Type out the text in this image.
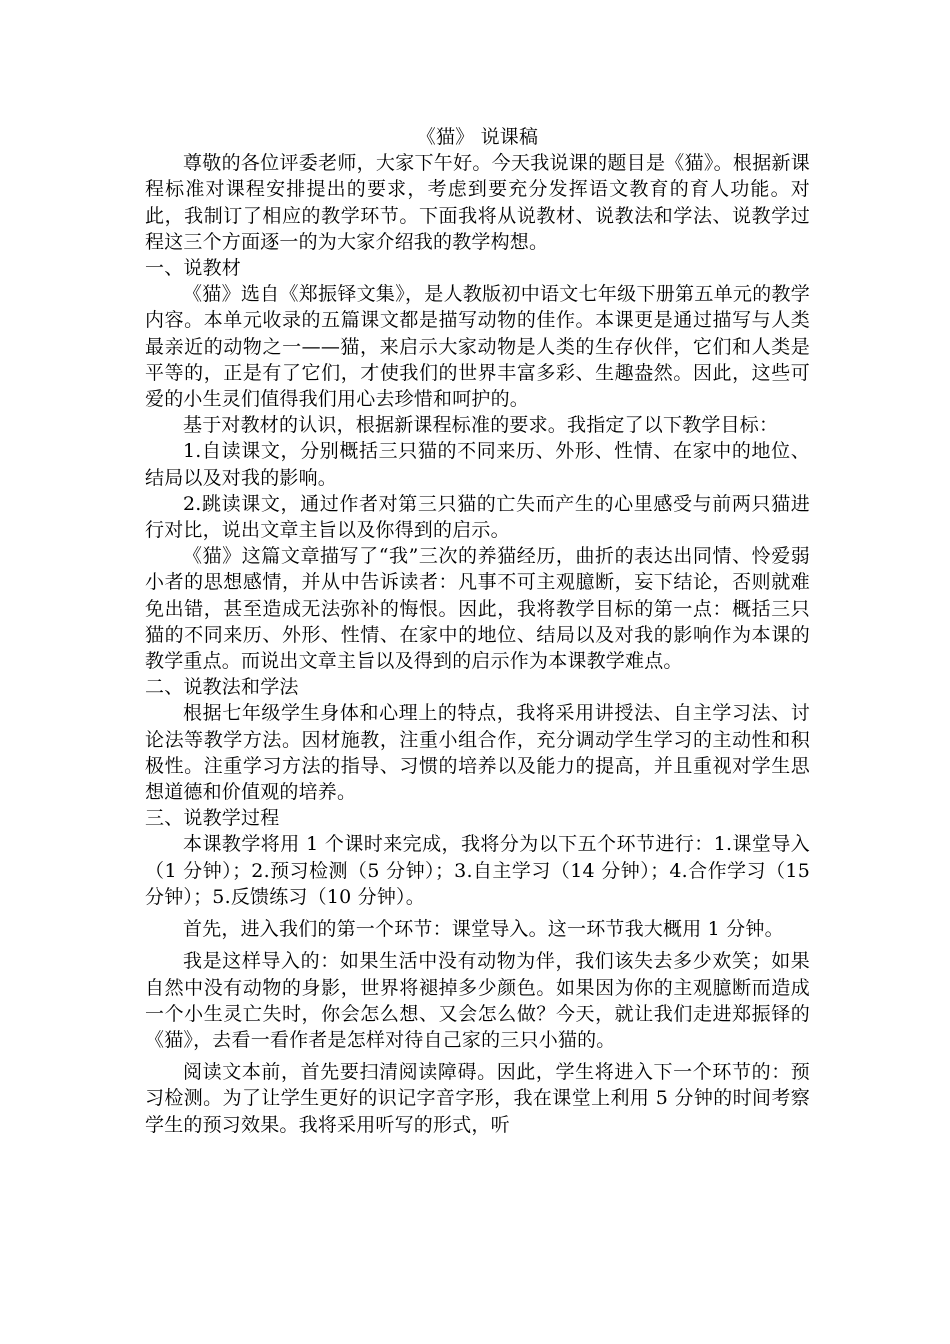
《猫》 说课稿

尊敬的各位评委老师，大家下午好。今天我说课的题目是《猫》。根据新课程标准对课程安排提出的要求，考虑到要充分发挥语文教育的育人功能。对此，我制订了相应的教学环节。下面我将从说教材、说教法和学法、说教学过程这三个方面逐一的为大家介绍我的教学构想。

一、说教材

《猫》选自《郑振铎文集》，是人教版初中语文七年级下册第五单元的教学内容。本单元收录的五篇课文都是描写动物的佳作。本课更是通过描写与人类最亲近的动物之一——猫，来启示大家动物是人类的生存伙伴，它们和人类是平等的，正是有了它们，才使我们的世界丰富多彩、生趣盎然。因此，这些可爱的小生灵们值得我们用心去珍惜和呵护的。

基于对教材的认识，根据新课程标准的要求。我指定了以下教学目标：

1.自读课文，分别概括三只猫的不同来历、外形、性情、在家中的地位、结局以及对我的影响。

2.跳读课文，通过作者对第三只猫的亡失而产生的心里感受与前两只猫进行对比，说出文章主旨以及你得到的启示。

《猫》这篇文章描写了“我”三次的养猫经历，曲折的表达出同情、怜爱弱小者的思想感情，并从中告诉读者：凡事不可主观臆断，妄下结论，否则就难免出错，甚至造成无法弥补的悔恨。因此，我将教学目标的第一点：概括三只猫的不同来历、外形、性情、在家中的地位、结局以及对我的影响作为本课的教学重点。而说出文章主旨以及得到的启示作为本课教学难点。

二、说教法和学法

根据七年级学生身体和心理上的特点，我将采用讲授法、自主学习法、讨论法等教学方法。因材施教，注重小组合作，充分调动学生学习的主动性和积极性。注重学习方法的指导、习惯的培养以及能力的提高，并且重视对学生思想道德和价值观的培养。

三、说教学过程

本课教学将用 1 个课时来完成，我将分为以下五个环节进行：1.课堂导入（1 分钟）；2.预习检测（5 分钟）；3.自主学习（14 分钟）；4.合作学习（15 分钟）；5.反馈练习（10 分钟）。

首先，进入我们的第一个环节：课堂导入。这一环节我大概用 1 分钟。

我是这样导入的：如果生活中没有动物为伴，我们该失去多少欢笑；如果自然中没有动物的身影，世界将褪掉多少颜色。如果因为你的主观臆断而造成一个小生灵亡失时，你会怎么想、又会怎么做？今天，就让我们走进郑振铎的《猫》，去看一看作者是怎样对待自己家的三只小猫的。

阅读文本前，首先要扫清阅读障碍。因此，学生将进入下一个环节的：预习检测。为了让学生更好的识记字音字形，我在课堂上利用 5 分钟的时间考察学生的预习效果。我将采用听写的形式，听
